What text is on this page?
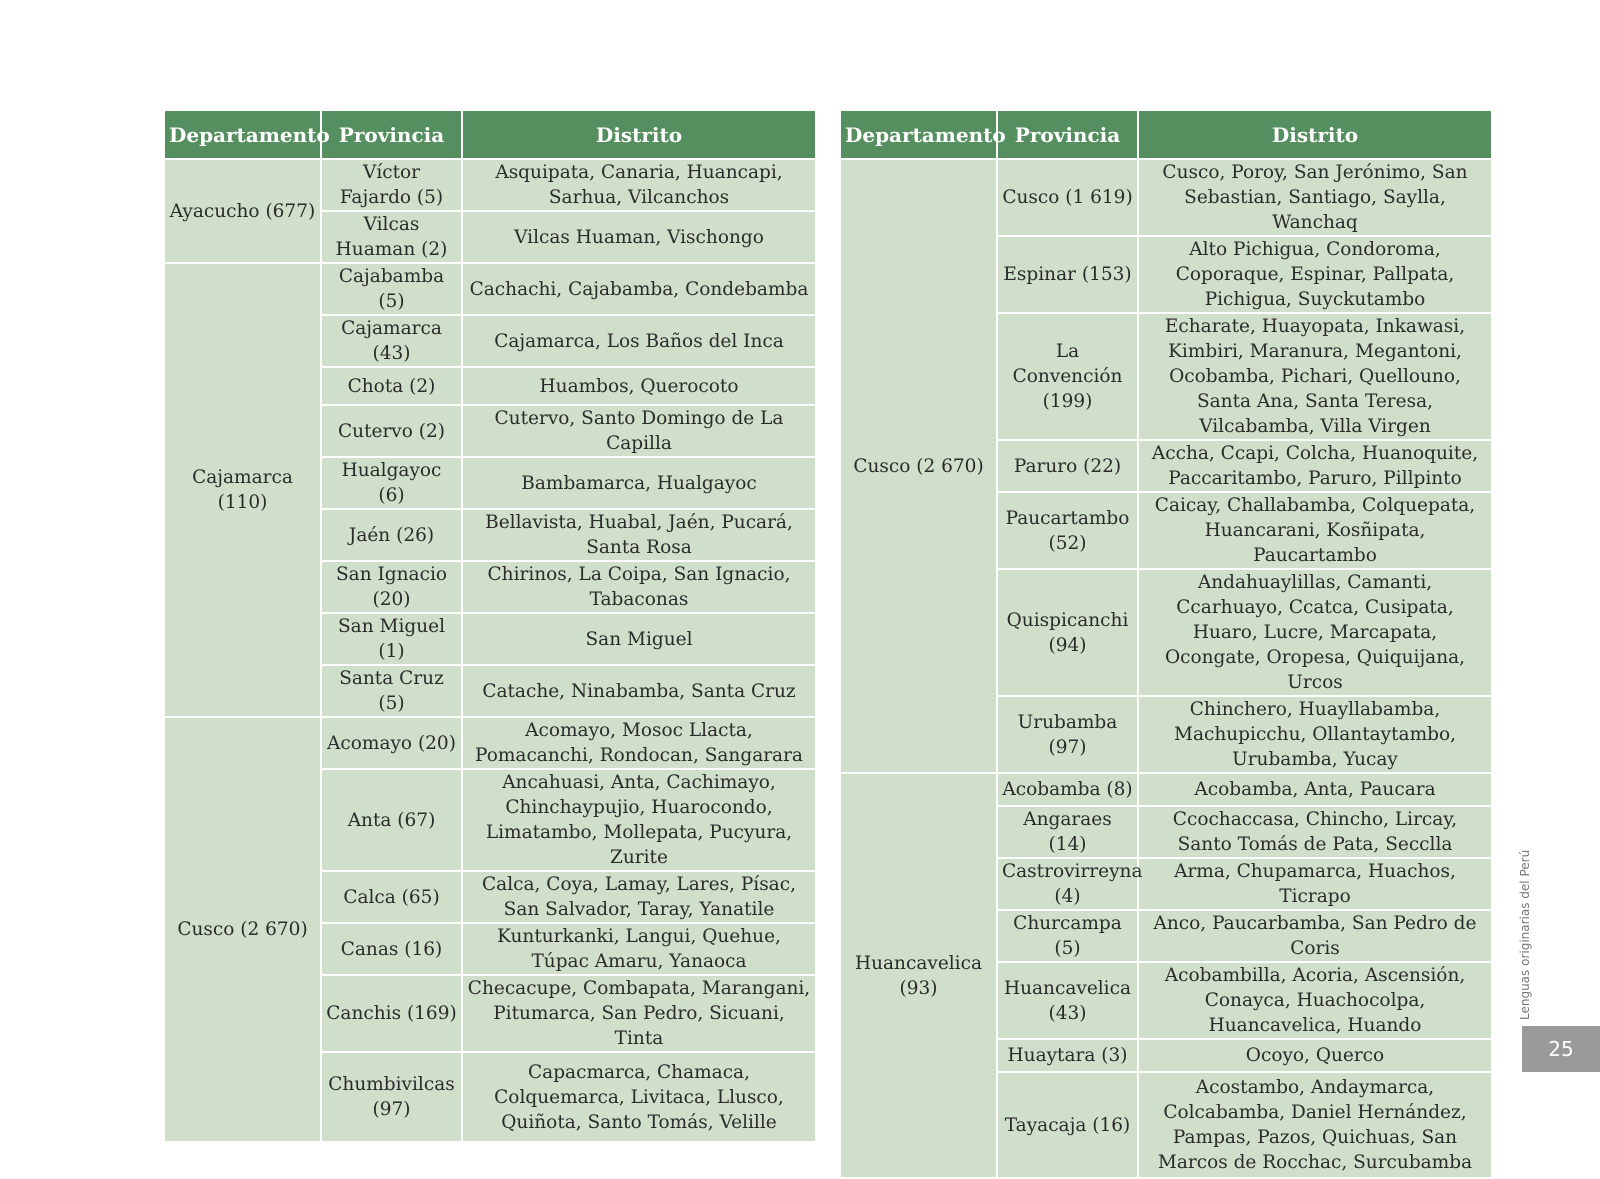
Departamento	Provincia	Distrito
Ayacucho (677)	Víctor Fajardo (5)	Asquipata, Canaria, Huancapi, Sarhua, Vilcanchos
	Vilcas Huaman (2)	Vilcas Huaman, Vischongo
Cajamarca (110)	Cajabamba (5)	Cachachi, Cajabamba, Condebamba
	Cajamarca (43)	Cajamarca, Los Baños del Inca
	Chota (2)	Huambos, Querocoto
	Cutervo (2)	Cutervo, Santo Domingo de La Capilla
	Hualgayoc (6)	Bambamarca, Hualgayoc
	Jaén (26)	Bellavista, Huabal, Jaén, Pucará, Santa Rosa
	San Ignacio (20)	Chirinos, La Coipa, San Ignacio, Tabaconas
	San Miguel (1)	San Miguel
	Santa Cruz (5)	Catache, Ninabamba, Santa Cruz
Cusco (2 670)	Acomayo (20)	Acomayo, Mosoc Llacta, Pomacanchi, Rondocan, Sangarara
	Anta (67)	Ancahuasi, Anta, Cachimayo, Chinchaypujio, Huarocondo, Limatambo, Mollepata, Pucyura, Zurite
	Calca (65)	Calca, Coya, Lamay, Lares, Písac, San Salvador, Taray, Yanatile
	Canas (16)	Kunturkanki, Langui, Quehue, Túpac Amaru, Yanaoca
	Canchis (169)	Checacupe, Combapata, Marangani, Pitumarca, San Pedro, Sicuani, Tinta
	Chumbivilcas (97)	Capacmarca, Chamaca, Colquemarca, Livitaca, Llusco, Quiñota, Santo Tomás, Velille
Departamento	Provincia	Distrito
Cusco (2 670)	Cusco (1 619)	Cusco, Poroy, San Jerónimo, San Sebastian, Santiago, Saylla, Wanchaq
	Espinar (153)	Alto Pichigua, Condoroma, Coporaque, Espinar, Pallpata, Pichigua, Suyckutambo
	La Convención (199)	Echarate, Huayopata, Inkawasi, Kimbiri, Maranura, Megantoni, Ocobamba, Pichari, Quellouno, Santa Ana, Santa Teresa, Vilcabamba, Villa Virgen
	Paruro (22)	Accha, Ccapi, Colcha, Huanoquite, Paccaritambo, Paruro, Pillpinto
	Paucartambo (52)	Caicay, Challabamba, Colquepata, Huancarani, Kosñipata, Paucartambo
	Quispicanchi (94)	Andahuaylillas, Camanti, Ccarhuayo, Ccatca, Cusipata, Huaro, Lucre, Marcapata, Ocongate, Oropesa, Quiquijana, Urcos
	Urubamba (97)	Chinchero, Huayllabamba, Machupicchu, Ollantaytambo, Urubamba, Yucay
Huancavelica (93)	Acobamba (8)	Acobamba, Anta, Paucara
	Angaraes (14)	Ccochaccasa, Chincho, Lircay, Santo Tomás de Pata, Secclla
	Castrovirreyna (4)	Arma, Chupamarca, Huachos, Ticrapo
	Churcampa (5)	Anco, Paucarbamba, San Pedro de Coris
	Huancavelica (43)	Acobambilla, Acoria, Ascensión, Conayca, Huachocolpa, Huancavelica, Huando
	Huaytara (3)	Ocoyo, Querco
	Tayacaja (16)	Acostambo, Andaymarca, Colcabamba, Daniel Hernández, Pampas, Pazos, Quichuas, San Marcos de Rocchac, Surcubamba
Lenguas originarias del Perú
25
